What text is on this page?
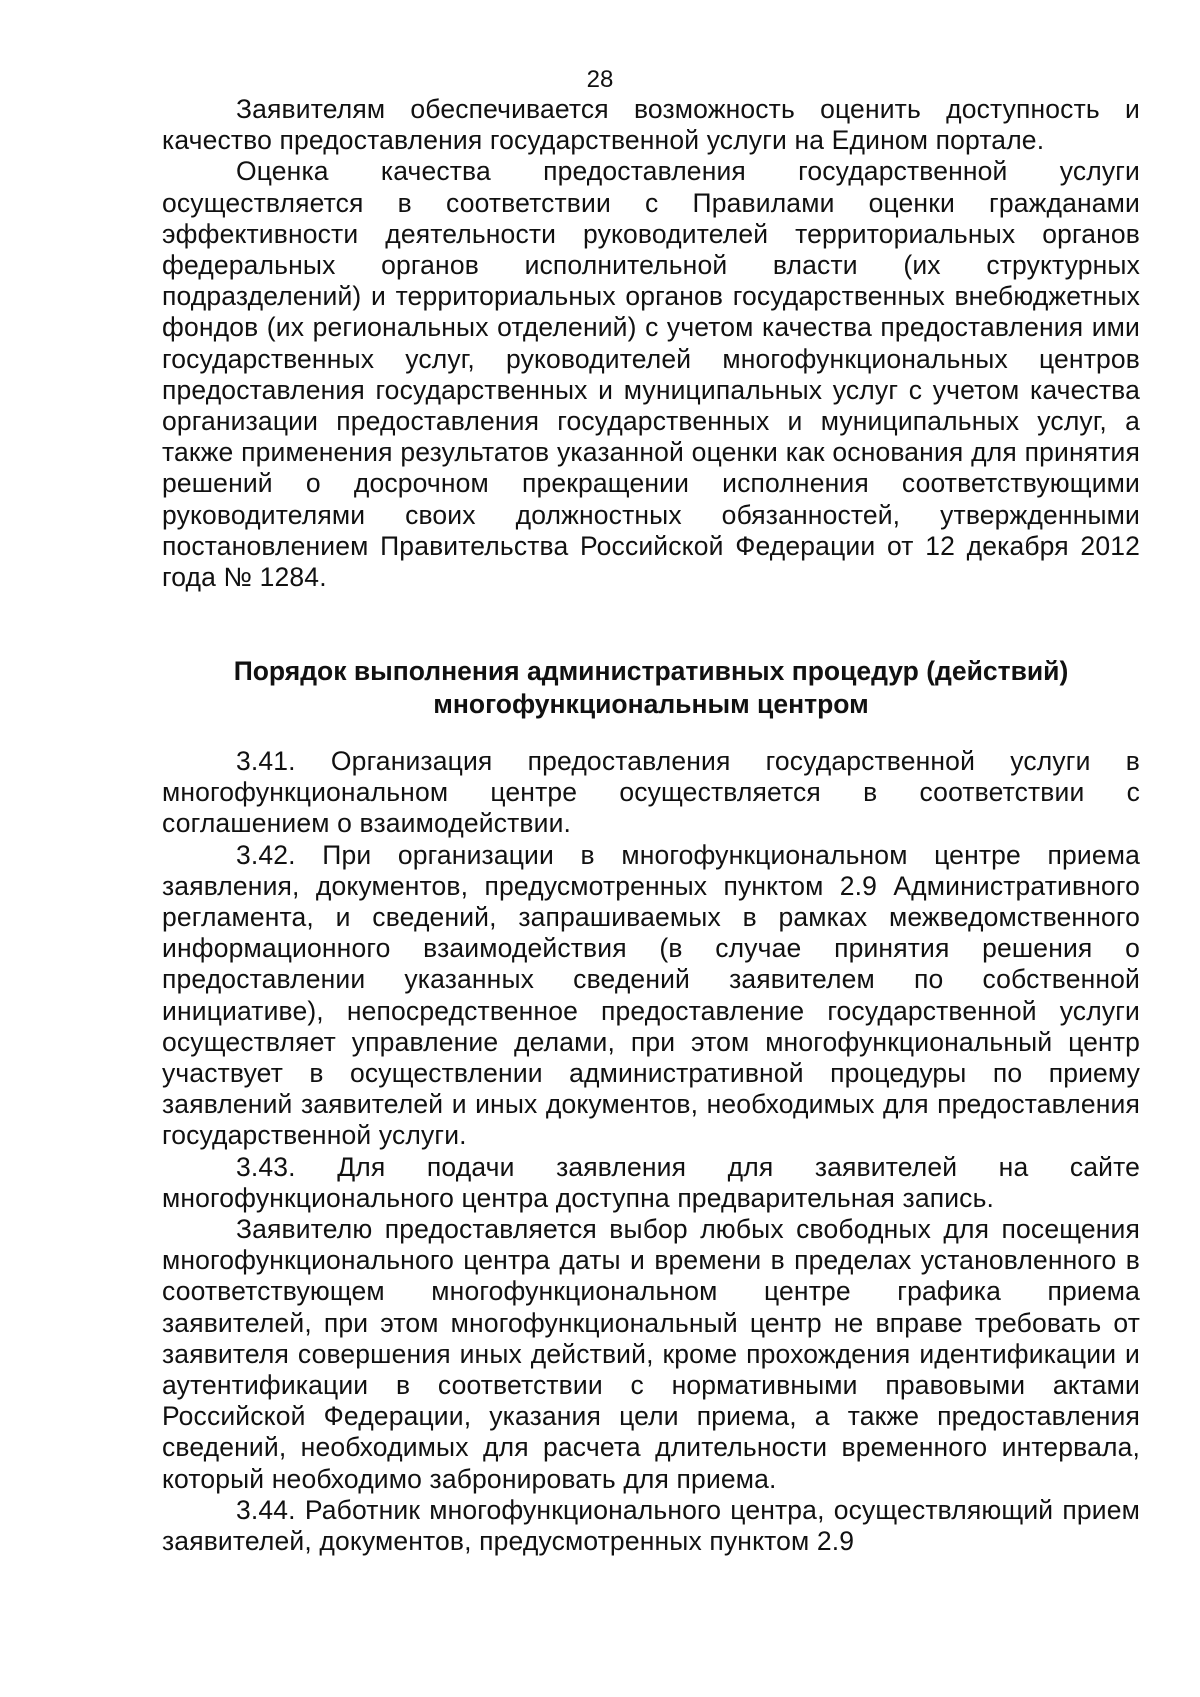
28

Заявителям обеспечивается возможность оценить доступность и качество предоставления государственной услуги на Едином портале.

Оценка качества предоставления государственной услуги осуществляется в соответствии с Правилами оценки гражданами эффективности деятельности руководителей территориальных органов федеральных органов исполнительной власти (их структурных подразделений) и территориальных органов государственных внебюджетных фондов (их региональных отделений) с учетом качества предоставления ими государственных услуг, руководителей многофункциональных центров предоставления государственных и муниципальных услуг с учетом качества организации предоставления государственных и муниципальных услуг, а также применения результатов указанной оценки как основания для принятия решений о досрочном прекращении исполнения соответствующими руководителями своих должностных обязанностей, утвержденными постановлением Правительства Российской Федерации от 12 декабря 2012 года № 1284.

Порядок выполнения административных процедур (действий)
многофункциональным центром

3.41. Организация предоставления государственной услуги в многофункциональном центре осуществляется в соответствии с соглашением о взаимодействии.

3.42. При организации в многофункциональном центре приема заявления, документов, предусмотренных пунктом 2.9 Административного регламента, и сведений, запрашиваемых в рамках межведомственного информационного взаимодействия (в случае принятия решения о предоставлении указанных сведений заявителем по собственной инициативе), непосредственное предоставление государственной услуги осуществляет управление делами, при этом многофункциональный центр участвует в осуществлении административной процедуры по приему заявлений заявителей и иных документов, необходимых для предоставления государственной услуги.

3.43. Для подачи заявления для заявителей на сайте многофункционального центра доступна предварительная запись.

Заявителю предоставляется выбор любых свободных для посещения многофункционального центра даты и времени в пределах установленного в соответствующем многофункциональном центре графика приема заявителей, при этом многофункциональный центр не вправе требовать от заявителя совершения иных действий, кроме прохождения идентификации и аутентификации в соответствии с нормативными правовыми актами Российской Федерации, указания цели приема, а также предоставления сведений, необходимых для расчета длительности временного интервала, который необходимо забронировать для приема.

3.44. Работник многофункционального центра, осуществляющий прием заявителей, документов, предусмотренных пунктом 2.9
